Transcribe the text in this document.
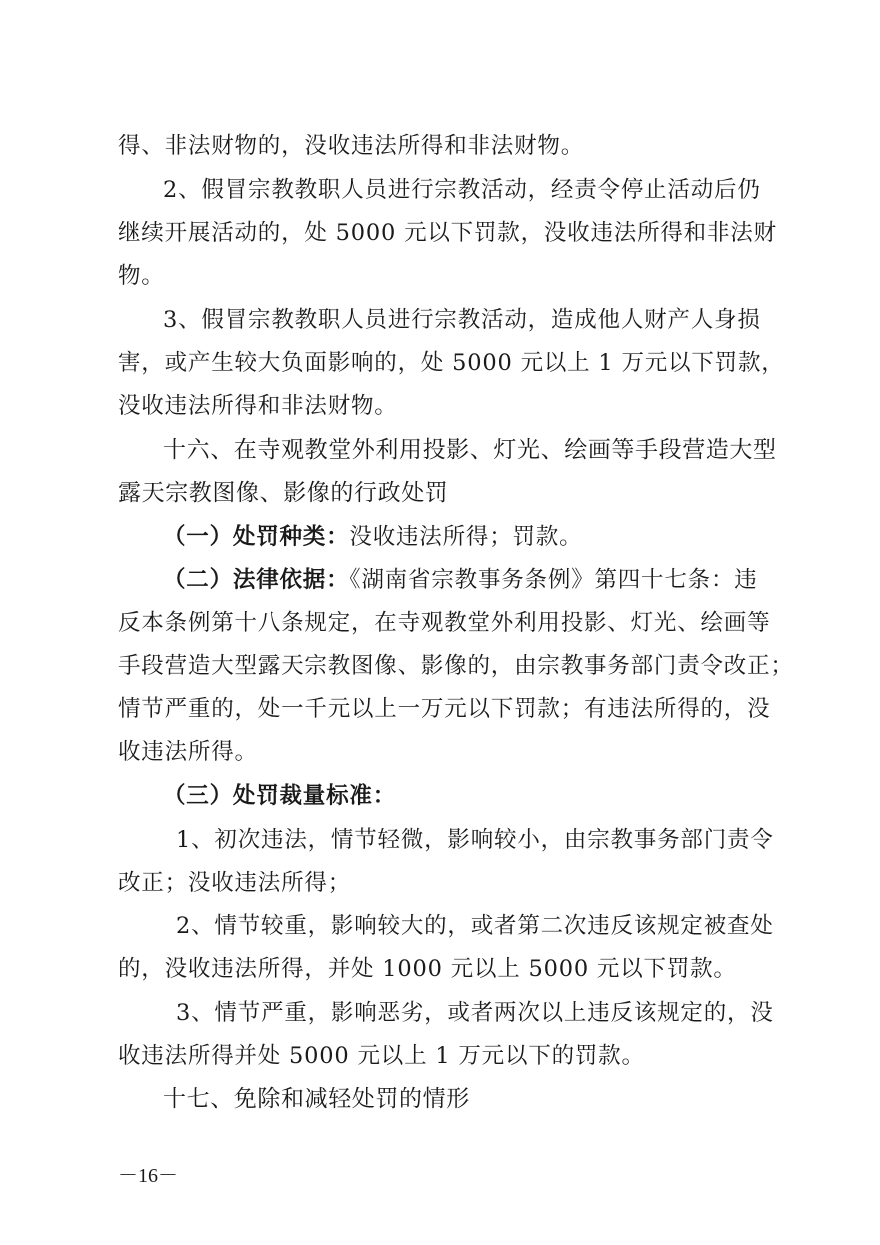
得、非法财物的，没收违法所得和非法财物。
2、假冒宗教教职人员进行宗教活动，经责令停止活动后仍
继续开展活动的，处 5000 元以下罚款，没收违法所得和非法财
物。
3、假冒宗教教职人员进行宗教活动，造成他人财产人身损
害，或产生较大负面影响的，处 5000 元以上 1 万元以下罚款，
没收违法所得和非法财物。
十六、在寺观教堂外利用投影、灯光、绘画等手段营造大型
露天宗教图像、影像的行政处罚
（一）处罚种类：没收违法所得；罚款。
（二）法律依据：《湖南省宗教事务条例》第四十七条：违
反本条例第十八条规定，在寺观教堂外利用投影、灯光、绘画等
手段营造大型露天宗教图像、影像的，由宗教事务部门责令改正；
情节严重的，处一千元以上一万元以下罚款；有违法所得的，没
收违法所得。
（三）处罚裁量标准：
1、初次违法，情节轻微，影响较小，由宗教事务部门责令
改正；没收违法所得；
2、情节较重，影响较大的，或者第二次违反该规定被查处
的，没收违法所得，并处 1000 元以上 5000 元以下罚款。
3、情节严重，影响恶劣，或者两次以上违反该规定的，没
收违法所得并处 5000 元以上 1 万元以下的罚款。
十七、免除和减轻处罚的情形
－16－
